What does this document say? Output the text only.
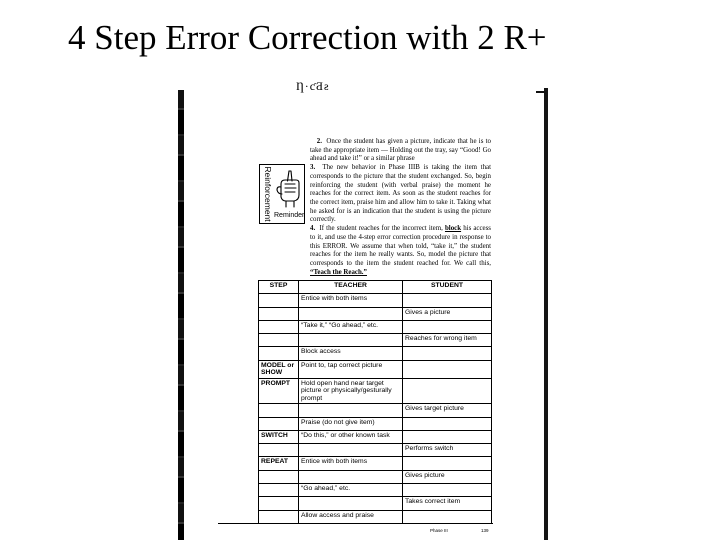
4 Step Error Correction with 2 R+
Ƞ·ƈƋƨ
Reinforcement Reminder

2. Once the student has given a picture, indicate that he is to take the appropriate item — Holding out the tray, say “Good! Go ahead and take it!” or a similar phrase

3. The new behavior in Phase IIIB is taking the item that corresponds to the picture that the student exchanged. So, begin reinforcing the student (with verbal praise) the moment he reaches for the correct item. As soon as the student reaches for the correct item, praise him and allow him to take it. Taking what he asked for is an indication that the student is using the picture correctly.

4. If the student reaches for the incorrect item, block his access to it, and use the 4-step error correction procedure in response to this ERROR. We assume that when told, “take it,” the student reaches for the item he really wants. So, model the picture that corresponds to the item the student reached for. We call this, “Teach the Reach.”

STEP	TEACHER	STUDENT
	Entice with both items	
		Gives a picture
	“Take it,” “Go ahead,” etc.	
		Reaches for wrong item
	Block access	
MODEL or SHOW	Point to, tap correct picture	
PROMPT	Hold open hand near target picture or physically/gesturally prompt	
		Gives target picture
	Praise (do not give item)	
SWITCH	“Do this,” or other known task	
		Performs switch
REPEAT	Entice with both items	
		Gives picture
	“Go ahead,” etc.	
		Takes correct item
	Allow access and praise	
Phase III	139
